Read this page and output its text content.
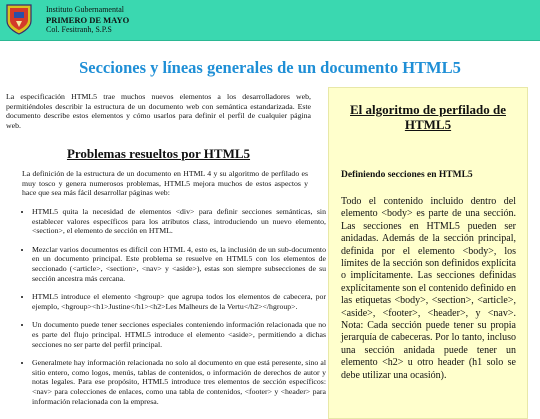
Instituto Gubernamental
PRIMERO DE MAYO
Col. Fesitranh, S.P.S
Secciones y líneas generales de un documento HTML5

La especificación HTML5 trae muchos nuevos elementos a los desarrolladores web, permitiéndoles describir la estructura de un documento web con semántica estandarizada. Este documento describe estos elementos y cómo usarlos para definir el perfil de cualquier página web.

Problemas resueltos por HTML5
La definición de la estructura de un documento en HTML 4 y su algoritmo de perfilado es muy tosco y genera numerosos problemas, HTML5 mejora muchos de estos aspectos y hace que sea más fácil desarrollar páginas web:
• HTML5 quita la necesidad de elementos <div> para definir secciones semánticas, sin establecer valores específicos para los atributos class, introduciendo un nuevo elemento, <section>, el elemento de sección en HTML.
• Mezclar varios documentos es difícil con HTML 4, esto es, la inclusión de un sub-documento en un documento principal. Este problema se resuelve en HTML5 con los elementos de seccionado (<article>, <section>, <nav> y <aside>), estas son siempre subsecciones de su sección ancestra más cercana.
• HTML5 introduce el elemento <hgroup> que agrupa todos los elementos de cabecera, por ejemplo, <hgroup><h1>Justine</h1><h2>Les Malheurs de la Vertu</h2></hgroup>.
• Un documento puede tener secciones especiales conteniendo información relacionada que no es parte del flujo principal. HTML5 introduce el elemento <aside>, permitiendo a dichas secciones no ser parte del perfil principal.
• Generalmete hay información relacionada no solo al documento en que está peresente, sino al sitio entero, como logos, menús, tablas de contenidos, o información de derechos de autor y notas legales. Para ese propósito, HTML5 introduce tres elementos de sección específicos: <nav> para colecciones de enlaces, como una tabla de contenidos, <footer> y <header> para información relacionada con la empresa.
El algoritmo de perfilado de HTML5
Definiendo secciones en HTML5
Todo el contenido incluido dentro del elemento <body> es parte de una sección. Las secciones en HTML5 pueden ser anidadas. Además de la sección principal, definida por el elemento <body>, los límites de la sección son definidos explícita o implícitamente. Las secciones definidas explícitamente son el contenido definido en las etiquetas <body>, <section>, <article>, <aside>, <footer>, <header>, y <nav>. Nota: Cada sección puede tener su propia jerarquía de cabeceras. Por lo tanto, incluso una sección anidada puede tener un elemento <h2> u otro header (h1 solo se debe utilizar una ocasión).
